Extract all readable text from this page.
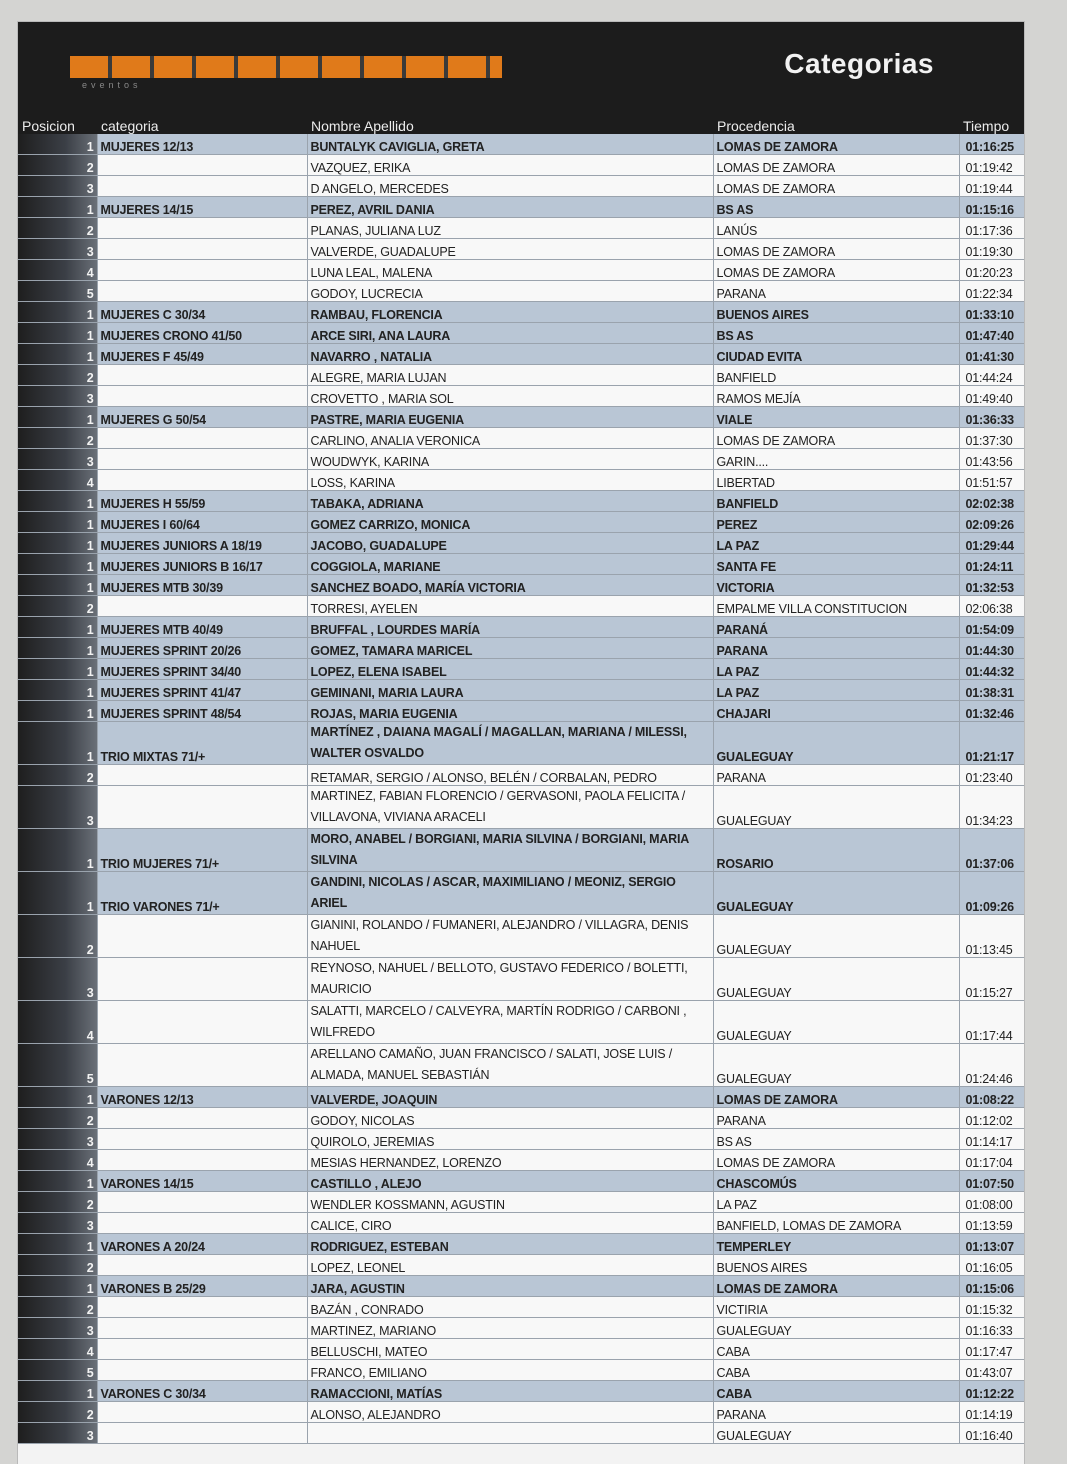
eventos
Categorias
Posicion	categoria	Nombre Apellido	Procedencia	Tiempo
1	MUJERES 12/13	BUNTALYK CAVIGLIA, GRETA	LOMAS DE ZAMORA	01:16:25
2		VAZQUEZ, ERIKA	LOMAS DE ZAMORA	01:19:42
3		D ANGELO, MERCEDES	LOMAS DE ZAMORA	01:19:44
1	MUJERES 14/15	PEREZ, AVRIL DANIA	BS AS	01:15:16
2		PLANAS, JULIANA LUZ	LANÚS	01:17:36
3		VALVERDE, GUADALUPE	LOMAS DE ZAMORA	01:19:30
4		LUNA LEAL, MALENA	LOMAS DE ZAMORA	01:20:23
5		GODOY, LUCRECIA	PARANA	01:22:34
1	MUJERES C 30/34	RAMBAU, FLORENCIA	BUENOS AIRES	01:33:10
1	MUJERES CRONO 41/50	ARCE SIRI, ANA LAURA	BS AS	01:47:40
1	MUJERES F 45/49	NAVARRO , NATALIA	CIUDAD EVITA	01:41:30
2		ALEGRE, MARIA LUJAN	BANFIELD	01:44:24
3		CROVETTO , MARIA SOL	RAMOS MEJÍA	01:49:40
1	MUJERES G 50/54	PASTRE, MARIA EUGENIA	VIALE	01:36:33
2		CARLINO, ANALIA VERONICA	LOMAS DE ZAMORA	01:37:30
3		WOUDWYK, KARINA	GARIN....	01:43:56
4		LOSS, KARINA	LIBERTAD	01:51:57
1	MUJERES H 55/59	TABAKA, ADRIANA	BANFIELD	02:02:38
1	MUJERES I 60/64	GOMEZ CARRIZO, MONICA	PEREZ	02:09:26
1	MUJERES JUNIORS A 18/19	JACOBO, GUADALUPE	LA PAZ	01:29:44
1	MUJERES JUNIORS B 16/17	COGGIOLA, MARIANE	SANTA FE	01:24:11
1	MUJERES MTB 30/39	SANCHEZ BOADO, MARÍA VICTORIA	VICTORIA	01:32:53
2		TORRESI, AYELEN	EMPALME VILLA CONSTITUCION	02:06:38
1	MUJERES MTB 40/49	BRUFFAL , LOURDES MARÍA	PARANÁ	01:54:09
1	MUJERES SPRINT 20/26	GOMEZ, TAMARA MARICEL	PARANA	01:44:30
1	MUJERES SPRINT 34/40	LOPEZ, ELENA ISABEL	LA PAZ	01:44:32
1	MUJERES SPRINT 41/47	GEMINANI, MARIA LAURA	LA PAZ	01:38:31
1	MUJERES SPRINT 48/54	ROJAS, MARIA EUGENIA	CHAJARI	01:32:46
1	TRIO MIXTAS 71/+	MARTÍNEZ , DAIANA MAGALÍ / MAGALLAN, MARIANA / MILESSI, WALTER OSVALDO	GUALEGUAY	01:21:17
2		RETAMAR, SERGIO / ALONSO, BELÉN / CORBALAN, PEDRO	PARANA	01:23:40
3		MARTINEZ, FABIAN FLORENCIO / GERVASONI, PAOLA FELICITA / VILLAVONA, VIVIANA ARACELI	GUALEGUAY	01:34:23
1	TRIO MUJERES 71/+	MORO, ANABEL / BORGIANI, MARIA SILVINA / BORGIANI, MARIA SILVINA	ROSARIO	01:37:06
1	TRIO VARONES 71/+	GANDINI, NICOLAS / ASCAR, MAXIMILIANO / MEONIZ, SERGIO ARIEL	GUALEGUAY	01:09:26
2		GIANINI, ROLANDO / FUMANERI, ALEJANDRO / VILLAGRA, DENIS NAHUEL	GUALEGUAY	01:13:45
3		REYNOSO, NAHUEL / BELLOTO, GUSTAVO FEDERICO / BOLETTI, MAURICIO	GUALEGUAY	01:15:27
4		SALATTI, MARCELO / CALVEYRA, MARTÍN RODRIGO / CARBONI , WILFREDO	GUALEGUAY	01:17:44
5		ARELLANO CAMAÑO, JUAN FRANCISCO / SALATI, JOSE LUIS / ALMADA, MANUEL SEBASTIÁN	GUALEGUAY	01:24:46
1	VARONES 12/13	VALVERDE, JOAQUIN	LOMAS DE ZAMORA	01:08:22
2		GODOY, NICOLAS	PARANA	01:12:02
3		QUIROLO, JEREMIAS	BS AS	01:14:17
4		MESIAS HERNANDEZ, LORENZO	LOMAS DE ZAMORA	01:17:04
1	VARONES 14/15	CASTILLO , ALEJO	CHASCOMÚS	01:07:50
2		WENDLER KOSSMANN, AGUSTIN	LA PAZ	01:08:00
3		CALICE, CIRO	BANFIELD, LOMAS DE ZAMORA	01:13:59
1	VARONES A 20/24	RODRIGUEZ, ESTEBAN	TEMPERLEY	01:13:07
2		LOPEZ, LEONEL	BUENOS AIRES	01:16:05
1	VARONES B 25/29	JARA, AGUSTIN	LOMAS DE ZAMORA	01:15:06
2		BAZÁN , CONRADO	VICTIRIA	01:15:32
3		MARTINEZ, MARIANO	GUALEGUAY	01:16:33
4		BELLUSCHI, MATEO	CABA	01:17:47
5		FRANCO, EMILIANO	CABA	01:43:07
1	VARONES C 30/34	RAMACCIONI, MATÍAS	CABA	01:12:22
2		ALONSO, ALEJANDRO	PARANA	01:14:19
3			GUALEGUAY	01:16:40
